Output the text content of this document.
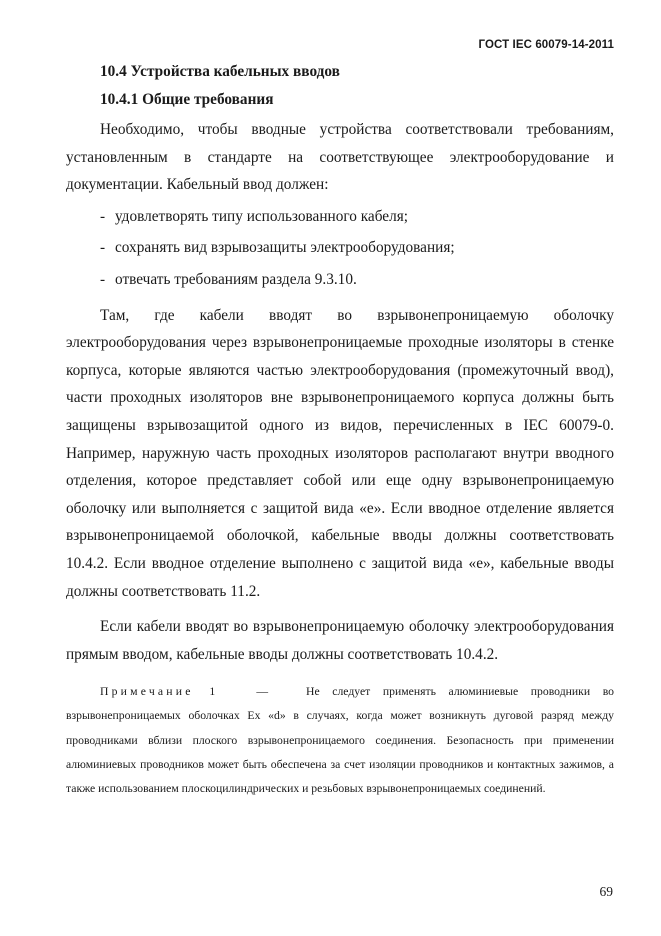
ГОСТ IEC 60079-14-2011

10.4 Устройства кабельных вводов

10.4.1 Общие требования

Необходимо, чтобы вводные устройства соответствовали требованиям, установленным в стандарте на соответствующее электрооборудование и документации. Кабельный ввод должен:

- удовлетворять типу использованного кабеля;
- сохранять вид взрывозащиты электрооборудования;
- отвечать требованиям раздела 9.3.10.

Там, где кабели вводят во взрывонепроницаемую оболочку электрооборудования через взрывонепроницаемые проходные изоляторы в стенке корпуса, которые являются частью электрооборудования (промежуточный ввод), части проходных изоляторов вне взрывонепроницаемого корпуса должны быть защищены взрывозащитой одного из видов, перечисленных в IEC 60079-0. Например, наружную часть проходных изоляторов располагают внутри вводного отделения, которое представляет собой или еще одну взрывонепроницаемую оболочку или выполняется с защитой вида «е». Если вводное отделение является взрывонепроницаемой оболочкой, кабельные вводы должны соответствовать 10.4.2. Если вводное отделение выполнено с защитой вида «е», кабельные вводы должны соответствовать 11.2.

Если кабели вводят во взрывонепроницаемую оболочку электрооборудования прямым вводом, кабельные вводы должны соответствовать 10.4.2.

Примечание 1	—	Не следует применять алюминиевые проводники во взрывонепроницаемых оболочках Ex «d» в случаях, когда может возникнуть дуговой разряд между проводниками вблизи плоского взрывонепроницаемого соединения. Безопасность при применении алюминиевых проводников может быть обеспечена за счет изоляции проводников и контактных зажимов, а также использованием плоскоцилиндрических и резьбовых взрывонепроницаемых соединений.

69
